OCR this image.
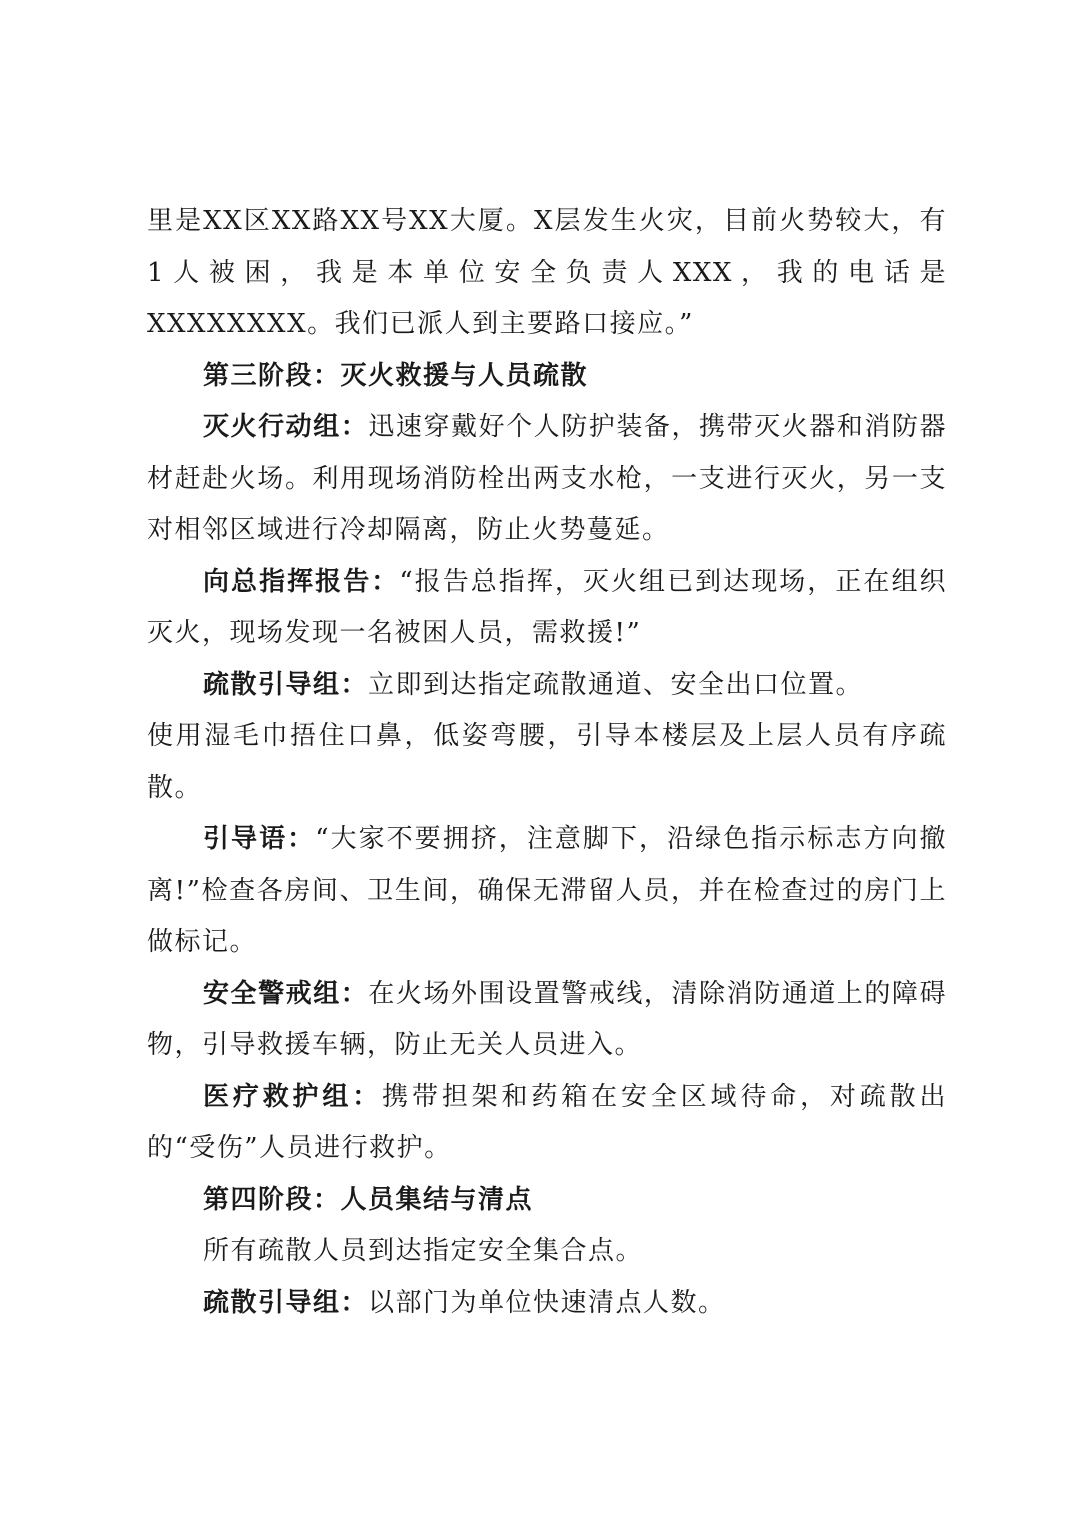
里是XX区XX路XX号XX大厦。X层发生火灾，目前火势较大，有1人被困，我是本单位安全负责人XXX，我的电话是XXXXXXXX。我们已派人到主要路口接应。”

第三阶段：灭火救援与人员疏散

灭火行动组：迅速穿戴好个人防护装备，携带灭火器和消防器材赶赴火场。利用现场消防栓出两支水枪，一支进行灭火，另一支对相邻区域进行冷却隔离，防止火势蔓延。

向总指挥报告：“报告总指挥，灭火组已到达现场，正在组织灭火，现场发现一名被困人员，需救援!”

疏散引导组：立即到达指定疏散通道、安全出口位置。

使用湿毛巾捂住口鼻，低姿弯腰，引导本楼层及上层人员有序疏散。

引导语：“大家不要拥挤，注意脚下，沿绿色指示标志方向撤离!”检查各房间、卫生间，确保无滞留人员，并在检查过的房门上做标记。

安全警戒组：在火场外围设置警戒线，清除消防通道上的障碍物，引导救援车辆，防止无关人员进入。

医疗救护组：携带担架和药箱在安全区域待命，对疏散出的“受伤”人员进行救护。

第四阶段：人员集结与清点

所有疏散人员到达指定安全集合点。

疏散引导组：以部门为单位快速清点人数。
